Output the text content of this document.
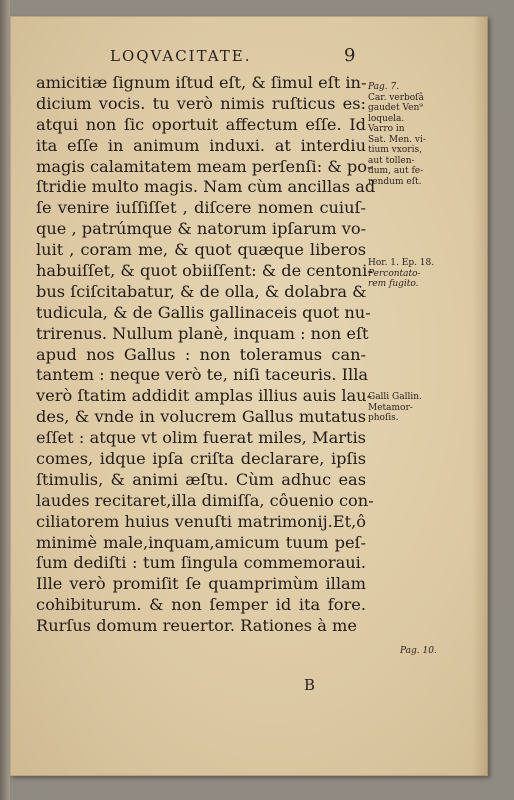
LOQVACITATE.	9
amicitiæ ſignum iſtud eſt, & ſimul eſt in-
dicium vocis. tu verò nimis ruſticus es:
atqui non ſic oportuit affectum eſſe. Id
ita eſſe in animum induxi. at interdiu
magis calamitatem meam perſenſi: & po-
ſtridie multo magis. Nam cùm ancillas ad
ſe venire iuſſiſſet , diſcere nomen cuiuſ-
que , patrúmque & natorum ipſarum vo-
luit , coram me, & quot quæque liberos
habuiſſet, & quot obiiſſent: & de centoni-
bus ſciſcitabatur, & de olla, & dolabra &
tudicula, & de Gallis gallinaceis quot nu-
trirenus. Nullum planè, inquam : non eſt
apud nos Gallus : non toleramus can-
tantem : neque verò te, niſi taceuris. Illa
verò ſtatim addidit amplas illius auis lau-
des, & vnde in volucrem Gallus mutatus
eſſet : atque vt olim fuerat miles, Martis
comes, idque ipſa criſta declarare, ipſis
ſtimulis, & animi æſtu. Cùm adhuc eas
laudes recitaret,illa dimiſſa, côuenio con-
ciliatorem huius venuſti matrimonij.Et,ô
minimè male,inquam,amicum tuum peſ-
ſum dediſti : tum ſingula commemoraui.
Ille verò promiſit ſe quamprimùm illam
cohibiturum. & non ſemper id ita fore.
Rurſus domum reuertor. Rationes à me
Pag. 7.
Car. verboſâ
gaudet Ven⁹
loquela.
Varro in
Sat. Men. vi-
tium vxoris,
aut tollen-
dum, aut fe-
rendum eſt.
Hor. 1. Ep. 18.
Percontato-
rem fugito.
Galli Gallin.
Metamor-
phoſis.
Pag. 10.
B
